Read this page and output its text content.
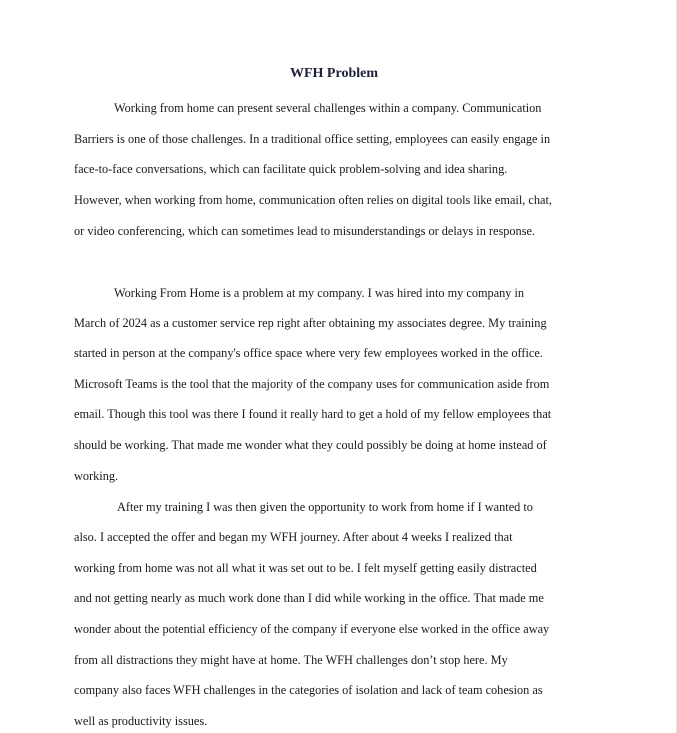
WFH Problem

Working from home can present several challenges within a company. Communication

Barriers is one of those challenges. In a traditional office setting, employees can easily engage in

face-to-face conversations, which can facilitate quick problem-solving and idea sharing.

However, when working from home, communication often relies on digital tools like email, chat,

or video conferencing, which can sometimes lead to misunderstandings or delays in response.

Working From Home is a problem at my company. I was hired into my company in

March of 2024 as a customer service rep right after obtaining my associates degree. My training

started in person at the company's office space where very few employees worked in the office.

Microsoft Teams is the tool that the majority of the company uses for communication aside from

email. Though this tool was there I found it really hard to get a hold of my fellow employees that

should be working. That made me wonder what they could possibly be doing at home instead of

working.

After my training I was then given the opportunity to work from home if I wanted to

also. I accepted the offer and began my WFH journey. After about 4 weeks I realized that

working from home was not all what it was set out to be. I felt myself getting easily distracted

and not getting nearly as much work done than I did while working in the office. That made me

wonder about the potential efficiency of the company if everyone else worked in the office away

from all distractions they might have at home. The WFH challenges don’t stop here. My

company also faces WFH challenges in the categories of isolation and lack of team cohesion as

well as productivity issues.
